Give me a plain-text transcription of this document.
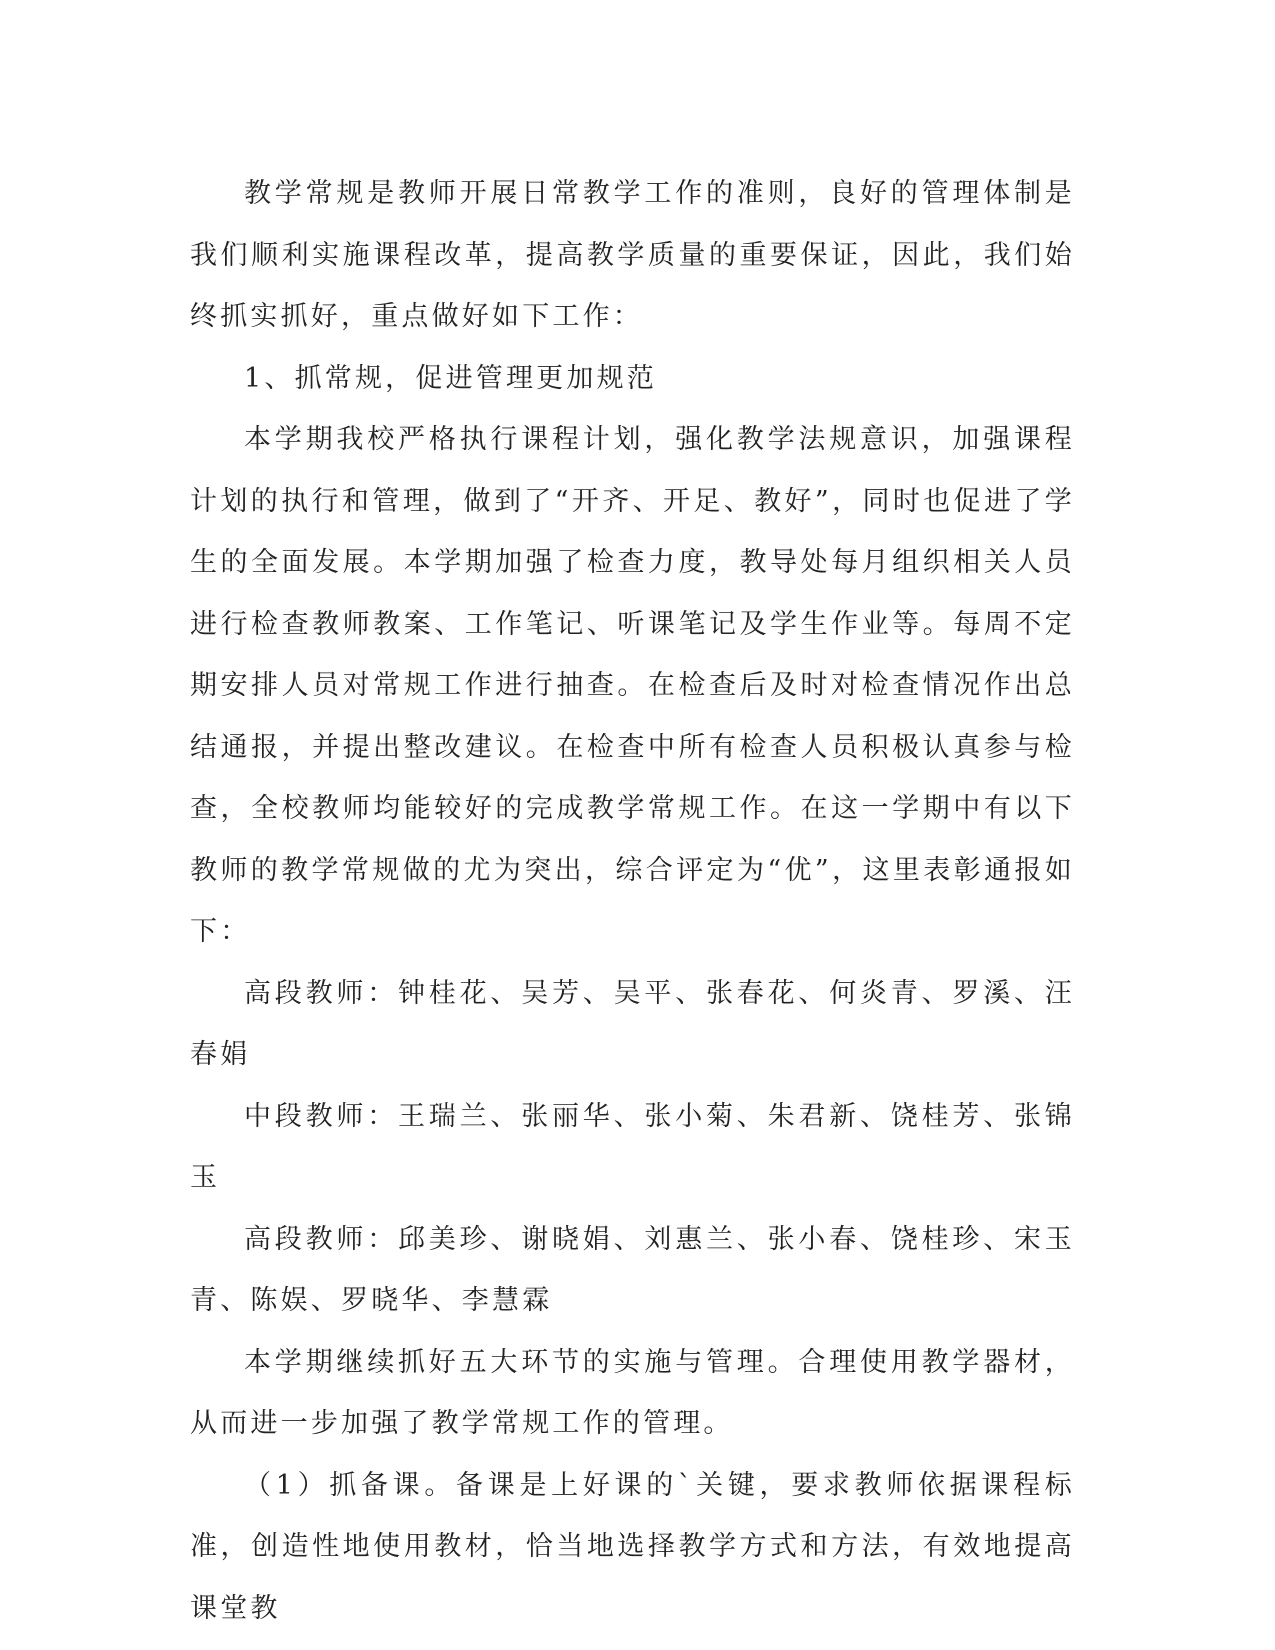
教学常规是教师开展日常教学工作的准则，良好的管理体制是我们顺利实施课程改革，提高教学质量的重要保证，因此，我们始终抓实抓好，重点做好如下工作：

1、抓常规，促进管理更加规范

本学期我校严格执行课程计划，强化教学法规意识，加强课程计划的执行和管理，做到了“开齐、开足、教好”，同时也促进了学生的全面发展。本学期加强了检查力度，教导处每月组织相关人员进行检查教师教案、工作笔记、听课笔记及学生作业等。每周不定期安排人员对常规工作进行抽查。在检查后及时对检查情况作出总结通报，并提出整改建议。在检查中所有检查人员积极认真参与检查，全校教师均能较好的完成教学常规工作。在这一学期中有以下教师的教学常规做的尤为突出，综合评定为“优”，这里表彰通报如下：

高段教师：钟桂花、吴芳、吴平、张春花、何炎青、罗溪、汪春娟

中段教师：王瑞兰、张丽华、张小菊、朱君新、饶桂芳、张锦玉

高段教师：邱美珍、谢晓娟、刘惠兰、张小春、饶桂珍、宋玉青、陈娱、罗晓华、李慧霖

本学期继续抓好五大环节的实施与管理。合理使用教学器材，从而进一步加强了教学常规工作的管理。

（1）抓备课。备课是上好课的`关键，要求教师依据课程标准，创造性地使用教材，恰当地选择教学方式和方法，有效地提高课堂教
